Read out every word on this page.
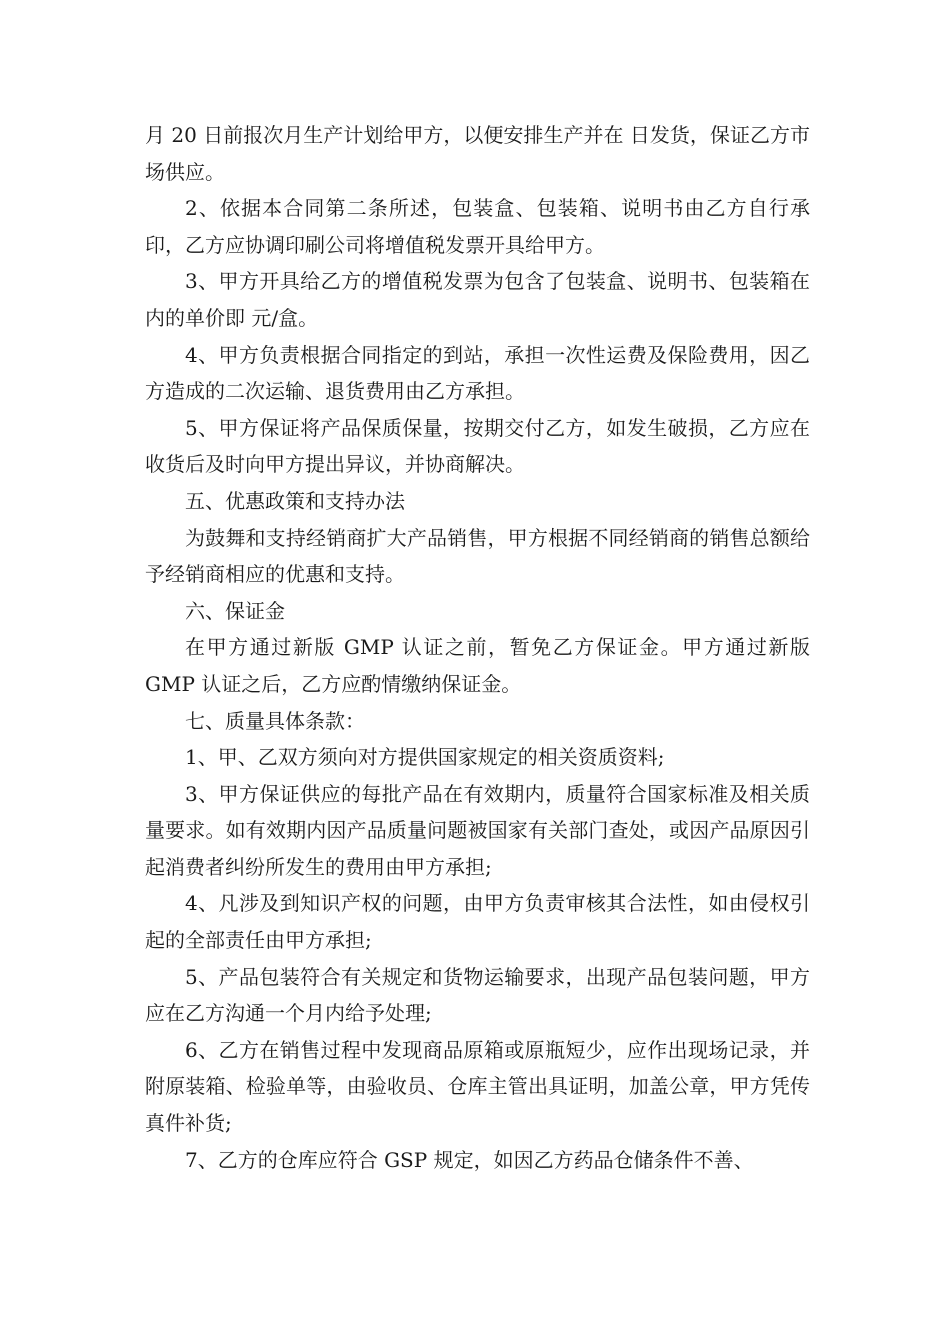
月 20 日前报次月生产计划给甲方，以便安排生产并在 日发货，保证乙方市场供应。

2、依据本合同第二条所述，包装盒、包装箱、说明书由乙方自行承印，乙方应协调印刷公司将增值税发票开具给甲方。

3、甲方开具给乙方的增值税发票为包含了包装盒、说明书、包装箱在内的单价即 元/盒。

4、甲方负责根据合同指定的到站，承担一次性运费及保险费用，因乙方造成的二次运输、退货费用由乙方承担。

5、甲方保证将产品保质保量，按期交付乙方，如发生破损，乙方应在收货后及时向甲方提出异议，并协商解决。

五、优惠政策和支持办法

为鼓舞和支持经销商扩大产品销售，甲方根据不同经销商的销售总额给予经销商相应的优惠和支持。

六、保证金

在甲方通过新版 GMP 认证之前，暂免乙方保证金。甲方通过新版 GMP 认证之后，乙方应酌情缴纳保证金。

七、质量具体条款：

1、甲、乙双方须向对方提供国家规定的相关资质资料;

3、甲方保证供应的每批产品在有效期内，质量符合国家标准及相关质量要求。如有效期内因产品质量问题被国家有关部门查处，或因产品原因引起消费者纠纷所发生的费用由甲方承担;

4、凡涉及到知识产权的问题，由甲方负责审核其合法性，如由侵权引起的全部责任由甲方承担;

5、产品包装符合有关规定和货物运输要求，出现产品包装问题，甲方应在乙方沟通一个月内给予处理;

6、乙方在销售过程中发现商品原箱或原瓶短少，应作出现场记录，并附原装箱、检验单等，由验收员、仓库主管出具证明，加盖公章，甲方凭传真件补货;

7、乙方的仓库应符合 GSP 规定，如因乙方药品仓储条件不善、
